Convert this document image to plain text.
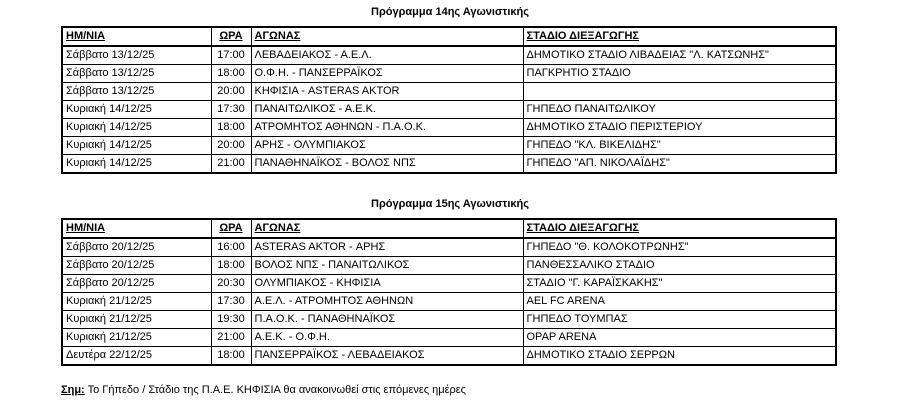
Πρόγραμμα 14ης Αγωνιστικής
ΗΜ/ΝΙΑ	ΩΡΑ	ΑΓΩΝΑΣ	ΣΤΑΔΙΟ ΔΙΕΞΑΓΩΓΗΣ
Σάββατο 13/12/25	17:00	ΛΕΒΑΔΕΙΑΚΟΣ - Α.Ε.Λ.	ΔΗΜΟΤΙΚΟ ΣΤΑΔΙΟ ΛΙΒΑΔΕΙΑΣ "Λ. ΚΑΤΣΩΝΗΣ"
Σάββατο 13/12/25	18:00	Ο.Φ.Η. - ΠΑΝΣΕΡΡΑΪΚΟΣ	ΠΑΓΚΡΗΤΙΟ ΣΤΑΔΙΟ
Σάββατο 13/12/25	20:00	ΚΗΦΙΣΙΑ - ASTERAS AKTOR	
Κυριακή 14/12/25	17:30	ΠΑΝΑΙΤΩΛΙΚΟΣ - Α.Ε.Κ.	ΓΗΠΕΔΟ ΠΑΝΑΙΤΩΛΙΚΟΥ
Κυριακή 14/12/25	18:00	ΑΤΡΟΜΗΤΟΣ ΑΘΗΝΩΝ - Π.Α.Ο.Κ.	ΔΗΜΟΤΙΚΟ ΣΤΑΔΙΟ ΠΕΡΙΣΤΕΡΙΟΥ
Κυριακή 14/12/25	20:00	ΑΡΗΣ - ΟΛΥΜΠΙΑΚΟΣ	ΓΗΠΕΔΟ "ΚΛ. ΒΙΚΕΛΙΔΗΣ"
Κυριακή 14/12/25	21:00	ΠΑΝΑΘΗΝΑΪΚΟΣ - ΒΟΛΟΣ ΝΠΣ	ΓΗΠΕΔΟ "ΑΠ. ΝΙΚΟΛΑΪΔΗΣ"
Πρόγραμμα 15ης Αγωνιστικής
ΗΜ/ΝΙΑ	ΩΡΑ	ΑΓΩΝΑΣ	ΣΤΑΔΙΟ ΔΙΕΞΑΓΩΓΗΣ
Σάββατο 20/12/25	16:00	ASTERAS AKTOR - ΑΡΗΣ	ΓΗΠΕΔΟ "Θ. ΚΟΛΟΚΟΤΡΩΝΗΣ"
Σάββατο 20/12/25	18:00	ΒΟΛΟΣ ΝΠΣ - ΠΑΝΑΙΤΩΛΙΚΟΣ	ΠΑΝΘΕΣΣΑΛΙΚΟ ΣΤΑΔΙΟ
Σάββατο 20/12/25	20:30	ΟΛΥΜΠΙΑΚΟΣ - ΚΗΦΙΣΙΑ	ΣΤΑΔΙΟ "Γ. ΚΑΡΑΪΣΚΑΚΗΣ"
Κυριακή 21/12/25	17:30	Α.Ε.Λ. - ΑΤΡΟΜΗΤΟΣ ΑΘΗΝΩΝ	AEL FC ARENA
Κυριακή 21/12/25	19:30	Π.Α.Ο.Κ. - ΠΑΝΑΘΗΝΑΪΚΟΣ	ΓΗΠΕΔΟ ΤΟΥΜΠΑΣ
Κυριακή 21/12/25	21:00	Α.Ε.Κ. - Ο.Φ.Η.	OPAP ARENA
Δευτέρα 22/12/25	18:00	ΠΑΝΣΕΡΡΑΪΚΟΣ - ΛΕΒΑΔΕΙΑΚΟΣ	ΔΗΜΟΤΙΚΟ ΣΤΑΔΙΟ ΣΕΡΡΩΝ
Σημ: Το Γήπεδο / Στάδιο της Π.Α.Ε. ΚΗΦΙΣΙΑ θα ανακοινωθεί στις επόμενες ημέρες
